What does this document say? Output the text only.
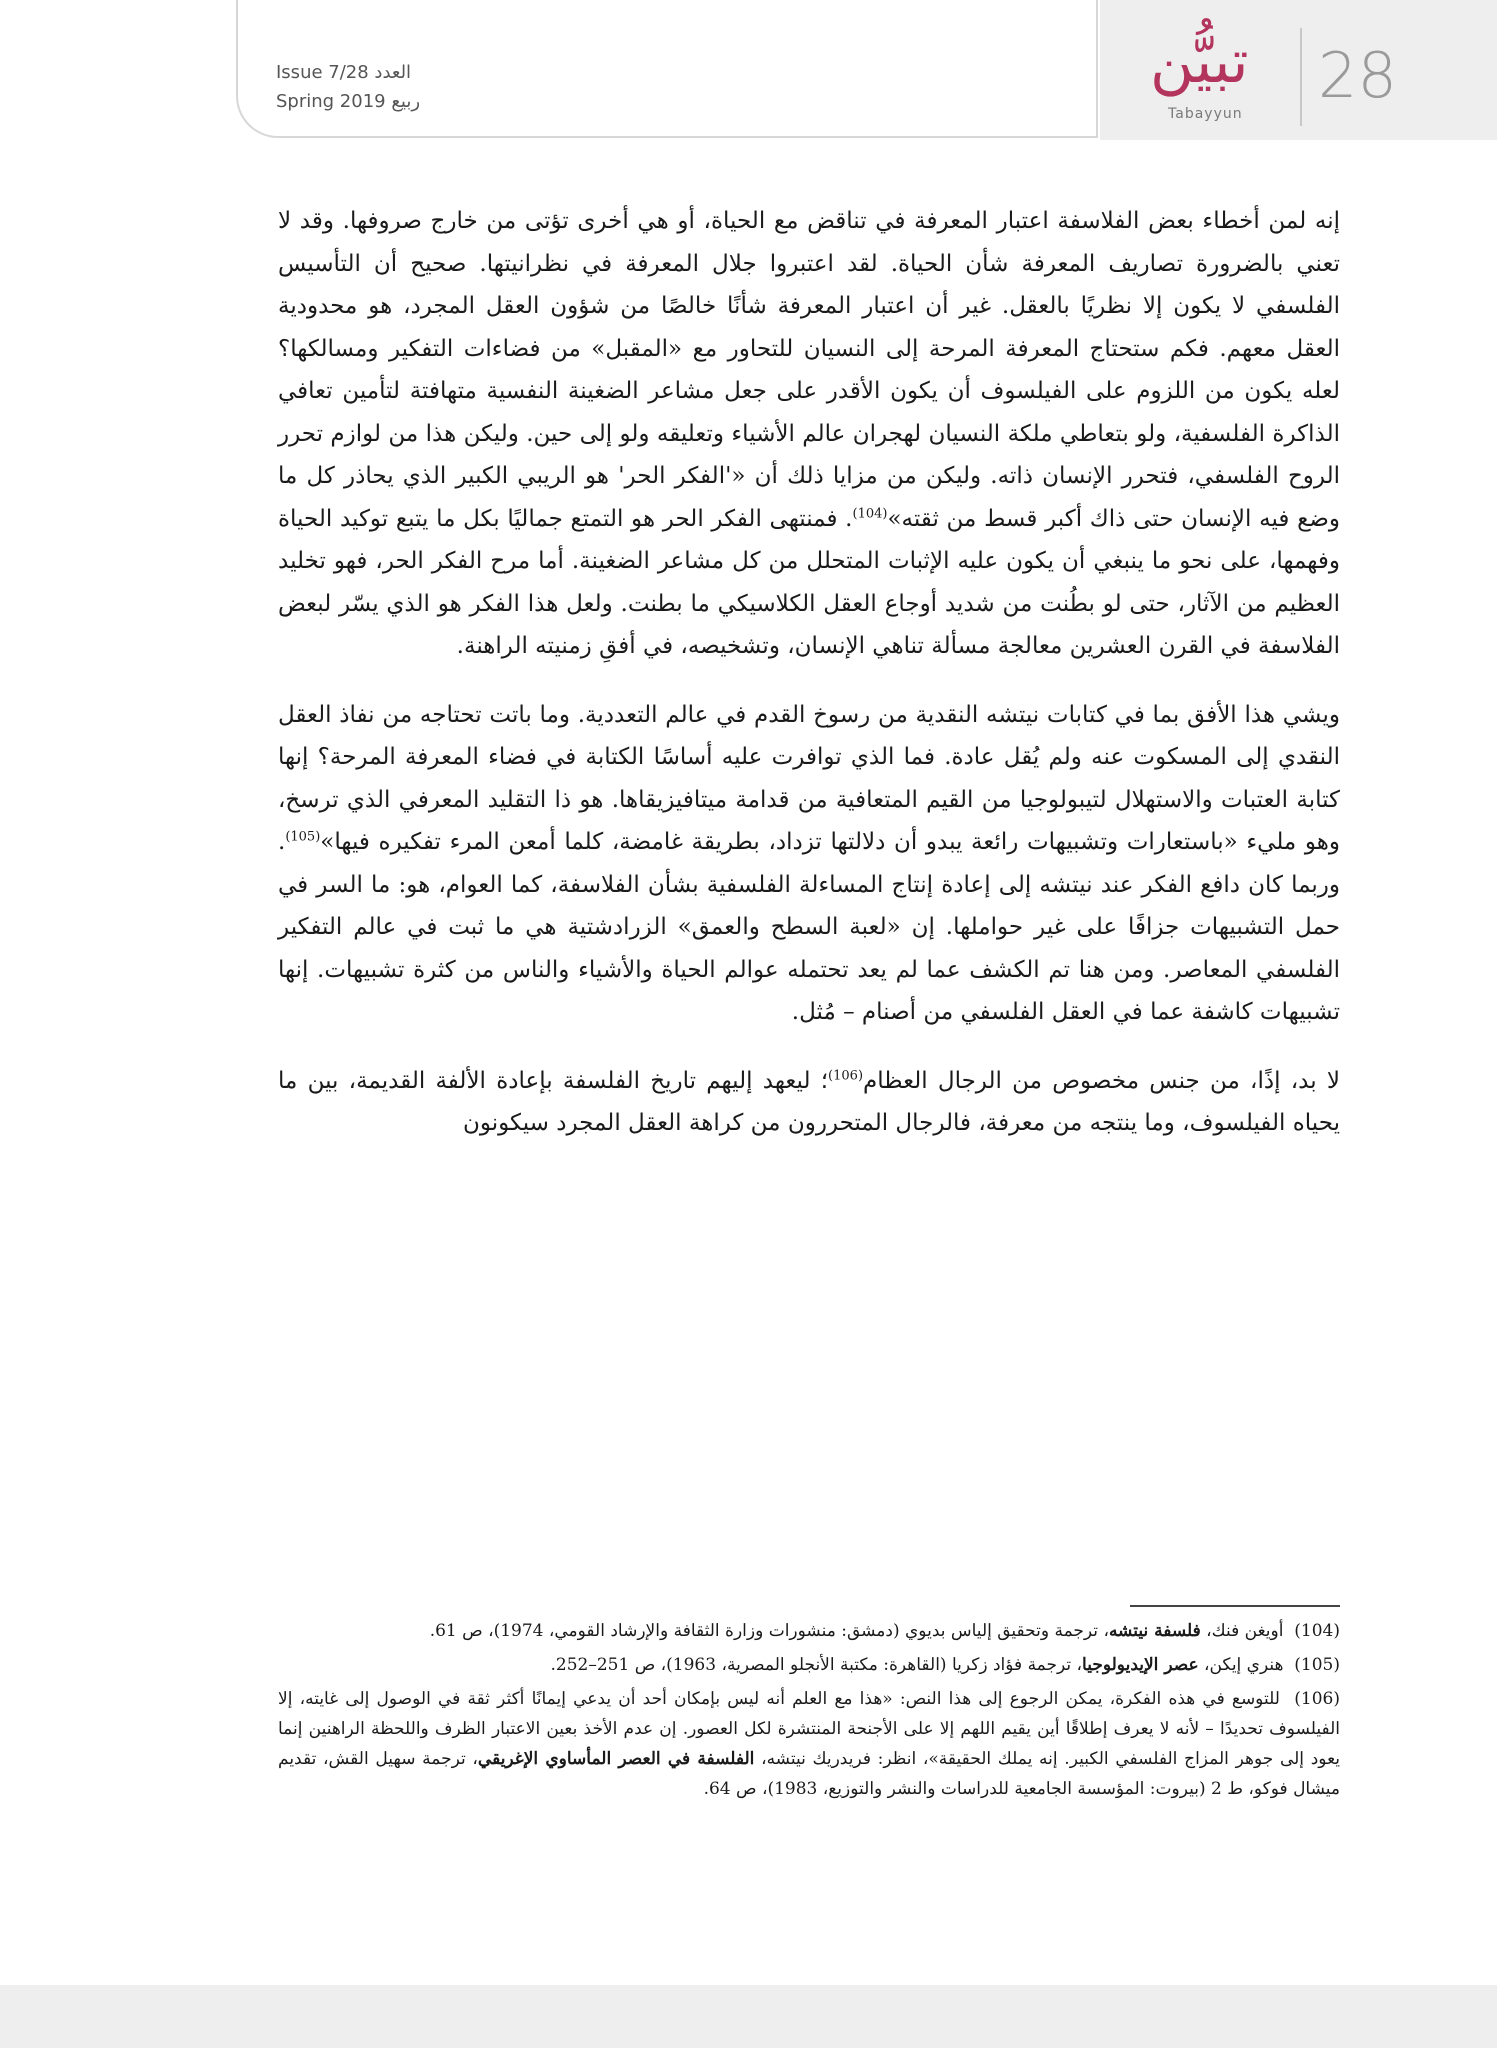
Issue 7/28 العدد
Spring 2019 ربيع
تبيُّن
Tabayyun
28

إنه لمن أخطاء بعض الفلاسفة اعتبار المعرفة في تناقض مع الحياة، أو هي أخرى تؤتى من خارج صروفها. وقد لا تعني بالضرورة تصاريف المعرفة شأن الحياة. لقد اعتبروا جلال المعرفة في نظرانيتها. صحيح أن التأسيس الفلسفي لا يكون إلا نظريًا بالعقل. غير أن اعتبار المعرفة شأنًا خالصًا من شؤون العقل المجرد، هو محدودية العقل معهم. فكم ستحتاج المعرفة المرحة إلى النسيان للتحاور مع «المقبل» من فضاءات التفكير ومسالكها؟ لعله يكون من اللزوم على الفيلسوف أن يكون الأقدر على جعل مشاعر الضغينة النفسية متهافتة لتأمين تعافي الذاكرة الفلسفية، ولو بتعاطي ملكة النسيان لهجران عالم الأشياء وتعليقه ولو إلى حين. وليكن هذا من لوازم تحرر الروح الفلسفي، فتحرر الإنسان ذاته. وليكن من مزايا ذلك أن «'الفكر الحر' هو الريبي الكبير الذي يحاذر كل ما وضع فيه الإنسان حتى ذاك أكبر قسط من ثقته»$^{(104)}$. فمنتهى الفكر الحر هو التمتع جماليًا بكل ما يتبع توكيد الحياة وفهمها، على نحو ما ينبغي أن يكون عليه الإثبات المتحلل من كل مشاعر الضغينة. أما مرح الفكر الحر، فهو تخليد العظيم من الآثار، حتى لو بطُنت من شديد أوجاع العقل الكلاسيكي ما بطنت. ولعل هذا الفكر هو الذي يسّر لبعض الفلاسفة في القرن العشرين معالجة مسألة تناهي الإنسان، وتشخيصه، في أفقِ زمنيته الراهنة.

ويشي هذا الأفق بما في كتابات نيتشه النقدية من رسوخ القدم في عالم التعددية. وما باتت تحتاجه من نفاذ العقل النقدي إلى المسكوت عنه ولم يُقل عادة. فما الذي توافرت عليه أساسًا الكتابة في فضاء المعرفة المرحة؟ إنها كتابة العتبات والاستهلال لتيبولوجيا من القيم المتعافية من قدامة ميتافيزيقاها. هو ذا التقليد المعرفي الذي ترسخ، وهو مليء «باستعارات وتشبيهات رائعة يبدو أن دلالتها تزداد، بطريقة غامضة، كلما أمعن المرء تفكيره فيها»$^{(105)}$. وربما كان دافع الفكر عند نيتشه إلى إعادة إنتاج المساءلة الفلسفية بشأن الفلاسفة، كما العوام، هو: ما السر في حمل التشبيهات جزافًا على غير حواملها. إن «لعبة السطح والعمق» الزرادشتية هي ما ثبت في عالم التفكير الفلسفي المعاصر. ومن هنا تم الكشف عما لم يعد تحتمله عوالم الحياة والأشياء والناس من كثرة تشبيهات. إنها تشبيهات كاشفة عما في العقل الفلسفي من أصنام – مُثل.

لا بد، إذًا، من جنس مخصوص من الرجال العظام$^{(106)}$؛ ليعهد إليهم تاريخ الفلسفة بإعادة الألفة القديمة، بين ما يحياه الفيلسوف، وما ينتجه من معرفة، فالرجال المتحررون من كراهة العقل المجرد سيكونون

(104)  أويغن فنك، فلسفة نيتشه، ترجمة وتحقيق إلياس بديوي (دمشق: منشورات وزارة الثقافة والإرشاد القومي، 1974)، ص 61.

(105)  هنري إيكن، عصر الإيديولوجيا، ترجمة فؤاد زكريا (القاهرة: مكتبة الأنجلو المصرية، 1963)، ص 251–252.

(106)  للتوسع في هذه الفكرة، يمكن الرجوع إلى هذا النص: «هذا مع العلم أنه ليس بإمكان أحد أن يدعي إيمانًا أكثر ثقة في الوصول إلى غايته، إلا الفيلسوف تحديدًا – لأنه لا يعرف إطلاقًا أين يقيم اللهم إلا على الأجنحة المنتشرة لكل العصور. إن عدم الأخذ بعين الاعتبار الظرف واللحظة الراهنين إنما يعود إلى جوهر المزاج الفلسفي الكبير. إنه يملك الحقيقة»، انظر: فريدريك نيتشه، الفلسفة في العصر المأساوي الإغريقي، ترجمة سهيل القش، تقديم ميشال فوكو، ط 2 (بيروت: المؤسسة الجامعية للدراسات والنشر والتوزيع، 1983)، ص 64.
